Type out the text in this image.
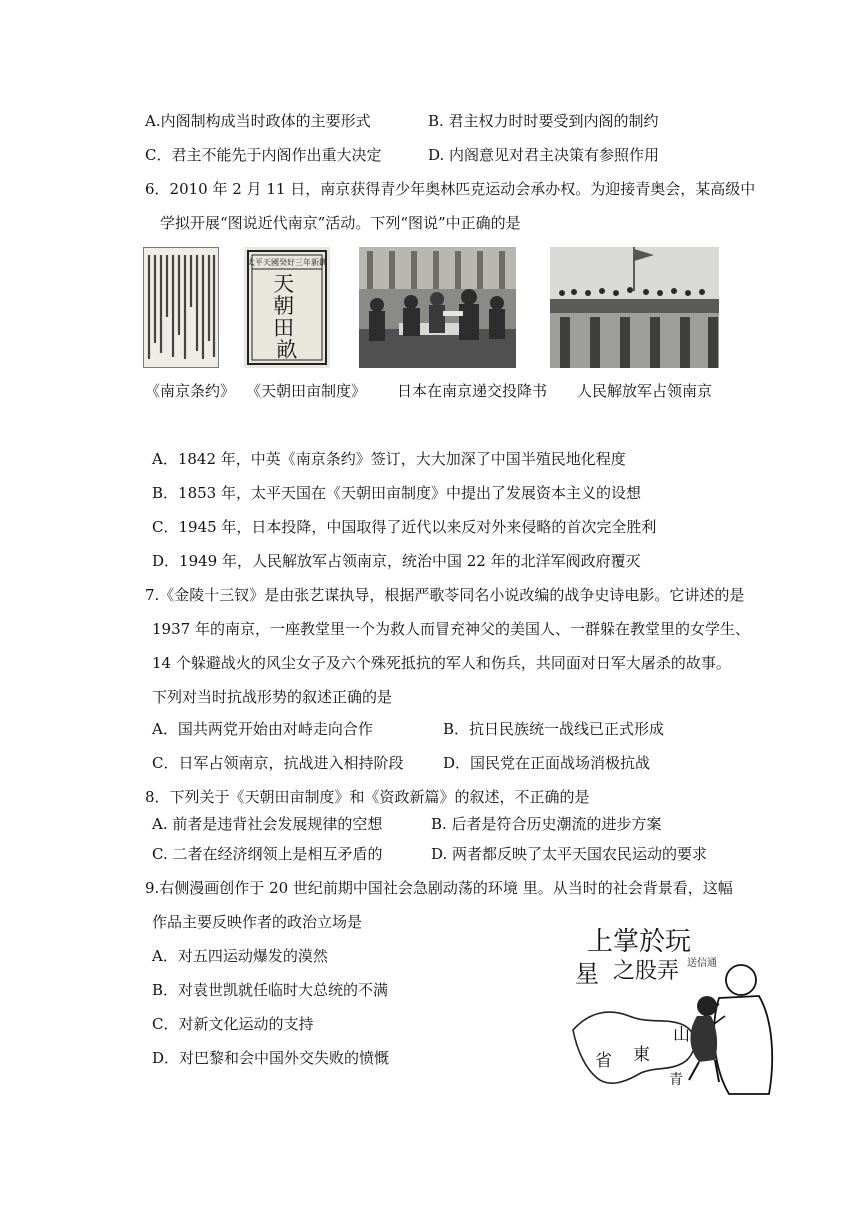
A.内阁制构成当时政体的主要形式	B. 君主权力时时要受到内阁的制约
C．君主不能先于内阁作出重大决定	D. 内阁意见对君主决策有参照作用
6．2010 年 2 月 11 日，南京获得青少年奥林匹克运动会承办权。为迎接青奥会，某高级中
学拟开展“图说近代南京”活动。下列“图说”中正确的是
太平天國癸好三年新鐫
天 朝 田 畝
《南京条约》 《天朝田亩制度》 日本在南京递交投降书 人民解放军占领南京
A．1842 年，中英《南京条约》签订，大大加深了中国半殖民地化程度
B．1853 年，太平天国在《天朝田亩制度》中提出了发展资本主义的设想
C．1945 年，日本投降，中国取得了近代以来反对外来侵略的首次完全胜利
D．1949 年，人民解放军占领南京，统治中国 22 年的北洋军阀政府覆灭
7.《金陵十三钗》是由张艺谋执导，根据严歌苓同名小说改编的战争史诗电影。它讲述的是
1937 年的南京，一座教堂里一个为救人而冒充神父的美国人、一群躲在教堂里的女学生、
14 个躲避战火的风尘女子及六个殊死抵抗的军人和伤兵，共同面对日军大屠杀的故事。
下列对当时抗战形势的叙述正确的是
A．国共两党开始由对峙走向合作	B．抗日民族统一战线已正式形成
C．日军占领南京，抗战进入相持阶段	D．国民党在正面战场消极抗战
8．下列关于《天朝田亩制度》和《资政新篇》的叙述，不正确的是
A. 前者是违背社会发展规律的空想	B. 后者是符合历史潮流的进步方案
C. 二者在经济纲领上是相互矛盾的	D. 两者都反映了太平天国农民运动的要求
9.右侧漫画创作于 20 世纪前期中国社会急剧动荡的环境 里。从当时的社会背景看，这幅
作品主要反映作者的政治立场是
A．对五四运动爆发的漠然
B．对袁世凯就任临时大总统的不满
C．对新文化运动的支持
D．对巴黎和会中国外交失败的愤慨
上掌於玩
星 之股弄 送信通
山
東
省
青
